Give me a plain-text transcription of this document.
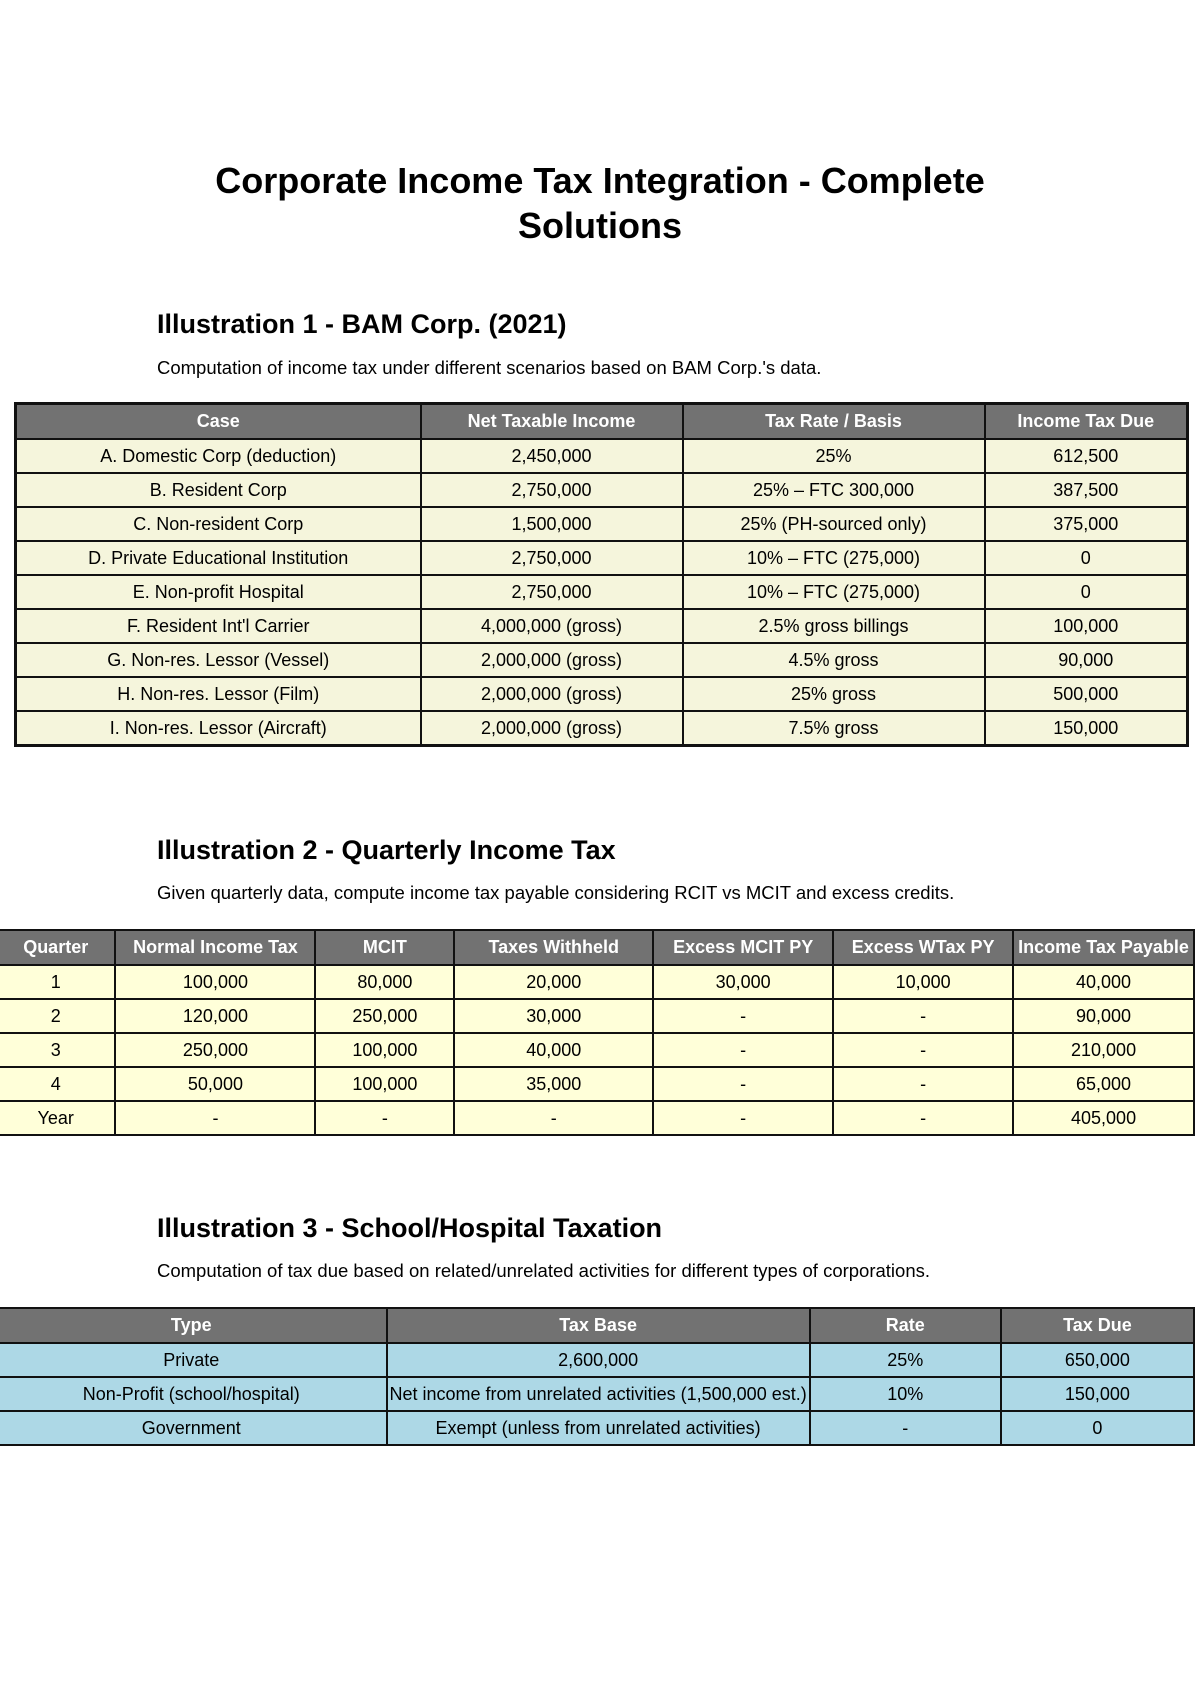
Corporate Income Tax Integration - Complete Solutions
Illustration 1 - BAM Corp. (2021)
Computation of income tax under different scenarios based on BAM Corp.'s data.
Case	Net Taxable Income	Tax Rate / Basis	Income Tax Due
A. Domestic Corp (deduction)	2,450,000	25%	612,500
B. Resident Corp	2,750,000	25% – FTC 300,000	387,500
C. Non-resident Corp	1,500,000	25% (PH-sourced only)	375,000
D. Private Educational Institution	2,750,000	10% – FTC (275,000)	0
E. Non-profit Hospital	2,750,000	10% – FTC (275,000)	0
F. Resident Int'l Carrier	4,000,000 (gross)	2.5% gross billings	100,000
G. Non-res. Lessor (Vessel)	2,000,000 (gross)	4.5% gross	90,000
H. Non-res. Lessor (Film)	2,000,000 (gross)	25% gross	500,000
I. Non-res. Lessor (Aircraft)	2,000,000 (gross)	7.5% gross	150,000
Illustration 2 - Quarterly Income Tax
Given quarterly data, compute income tax payable considering RCIT vs MCIT and excess credits.
Quarter	Normal Income Tax	MCIT	Taxes Withheld	Excess MCIT PY	Excess WTax PY	Income Tax Payable
1	100,000	80,000	20,000	30,000	10,000	40,000
2	120,000	250,000	30,000	-	-	90,000
3	250,000	100,000	40,000	-	-	210,000
4	50,000	100,000	35,000	-	-	65,000
Year	-	-	-	-	-	405,000
Illustration 3 - School/Hospital Taxation
Computation of tax due based on related/unrelated activities for different types of corporations.
Type	Tax Base	Rate	Tax Due
Private	2,600,000	25%	650,000
Non-Profit (school/hospital)	Net income from unrelated activities (1,500,000 est.)	10%	150,000
Government	Exempt (unless from unrelated activities)	-	0
